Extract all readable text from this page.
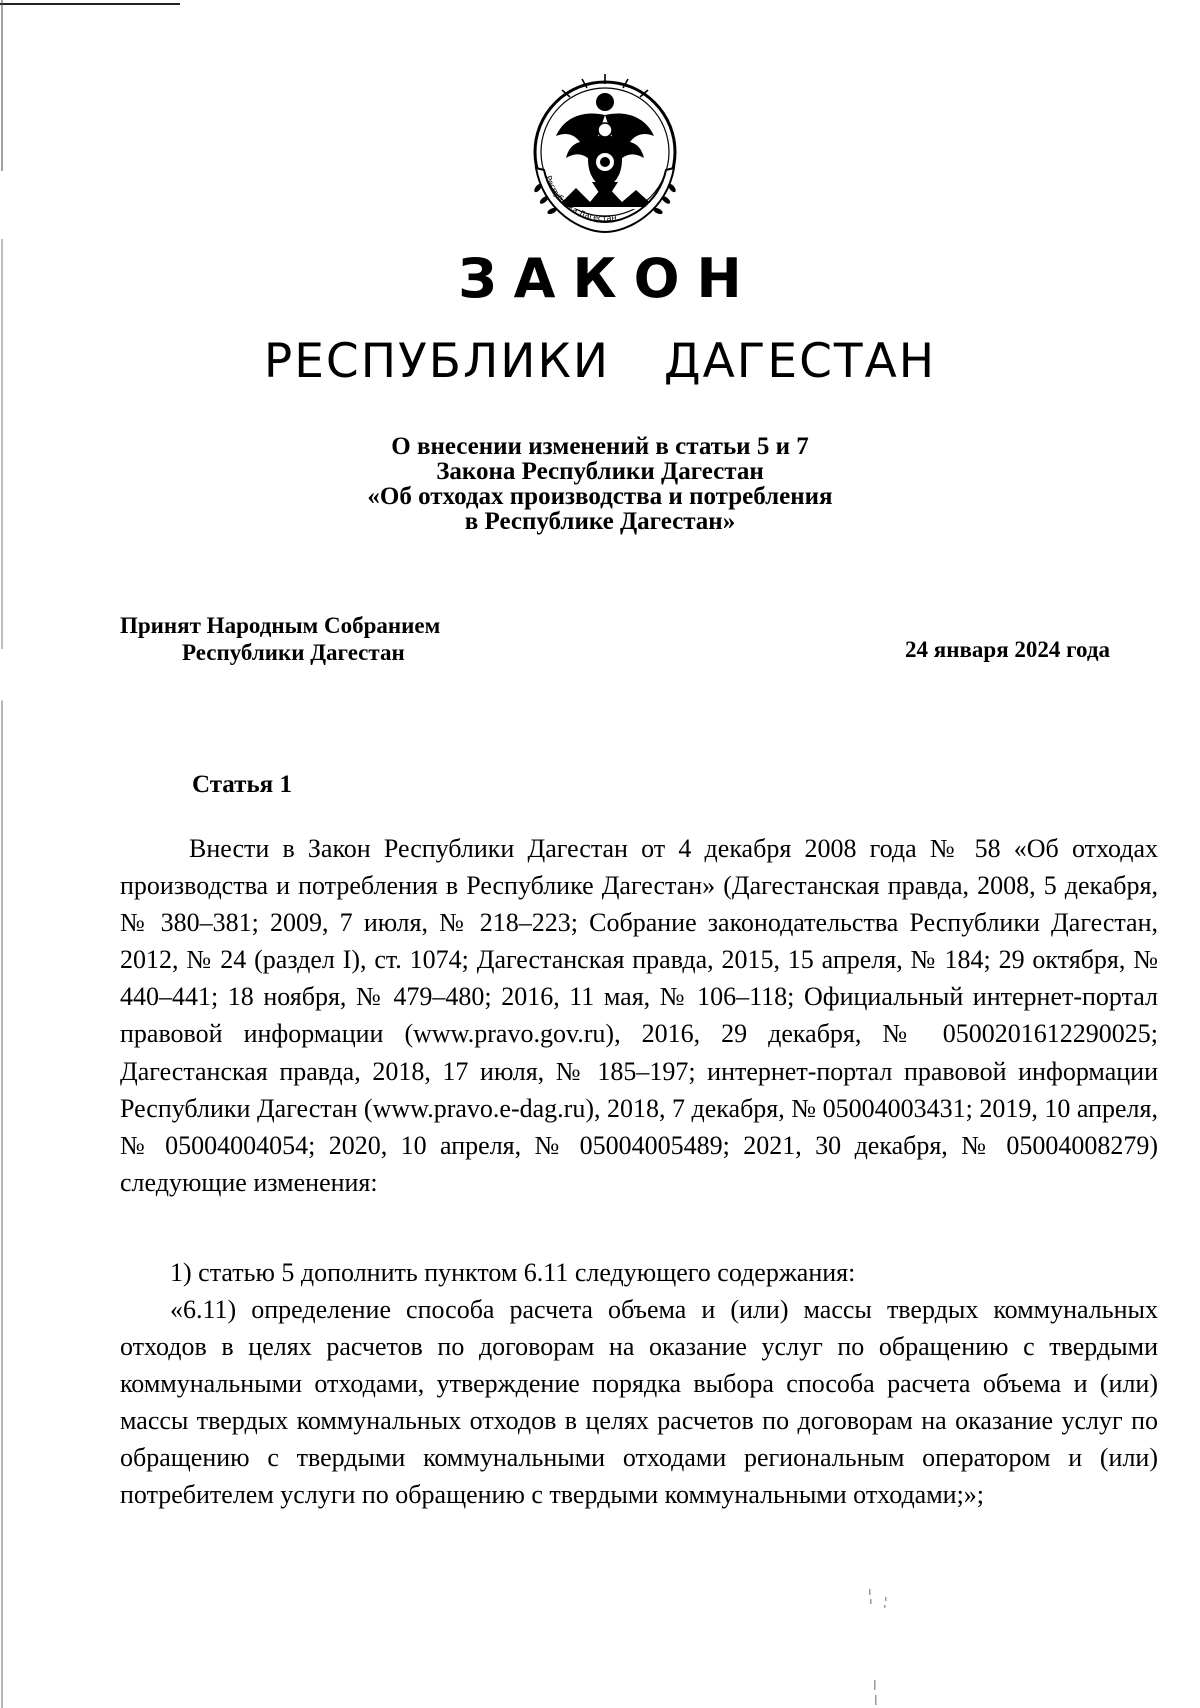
Республика Дагестан
ЗАКОН
РЕСПУБЛИКИ  ДАГЕСТАН
О внесении изменений в статьи 5 и 7
Закона Республики Дагестан
«Об отходах производства и потребления
в Республике Дагестан»
Принят Народным Собранием
Республики Дагестан	24 января 2024 года
Статья 1

Внести в Закон Республики Дагестан от 4 декабря 2008 года № 58 «Об отходах производства и потребления в Республике Дагестан» (Дагестанская правда, 2008, 5 декабря, № 380–381; 2009, 7 июля, № 218–223; Собрание законодательства Республики Дагестан, 2012, № 24 (раздел I), ст. 1074; Дагестанская правда, 2015, 15 апреля, № 184; 29 октября, № 440–441; 18 ноября, № 479–480; 2016, 11 мая, № 106–118; Официальный интернет-портал правовой информации (www.pravo.gov.ru), 2016, 29 декабря, № 0500201612290025; Дагестанская правда, 2018, 17 июля, № 185–197; интернет-портал правовой информации Республики Дагестан (www.pravo.e-dag.ru), 2018, 7 декабря, № 05004003431; 2019, 10 апреля, № 05004004054; 2020, 10 апреля, № 05004005489; 2021, 30 декабря, № 05004008279) следующие изменения:

1) статью 5 дополнить пунктом 6.11 следующего содержания:

«6.11) определение способа расчета объема и (или) массы твердых коммунальных отходов в целях расчетов по договорам на оказание услуг по обращению с твердыми коммунальными отходами, утверждение порядка выбора способа расчета объема и (или) массы твердых коммунальных отходов в целях расчетов по договорам на оказание услуг по обращению с твердыми коммунальными отходами региональным оператором и (или) потребителем услуги по обращению с твердыми коммунальными отходами;»;
